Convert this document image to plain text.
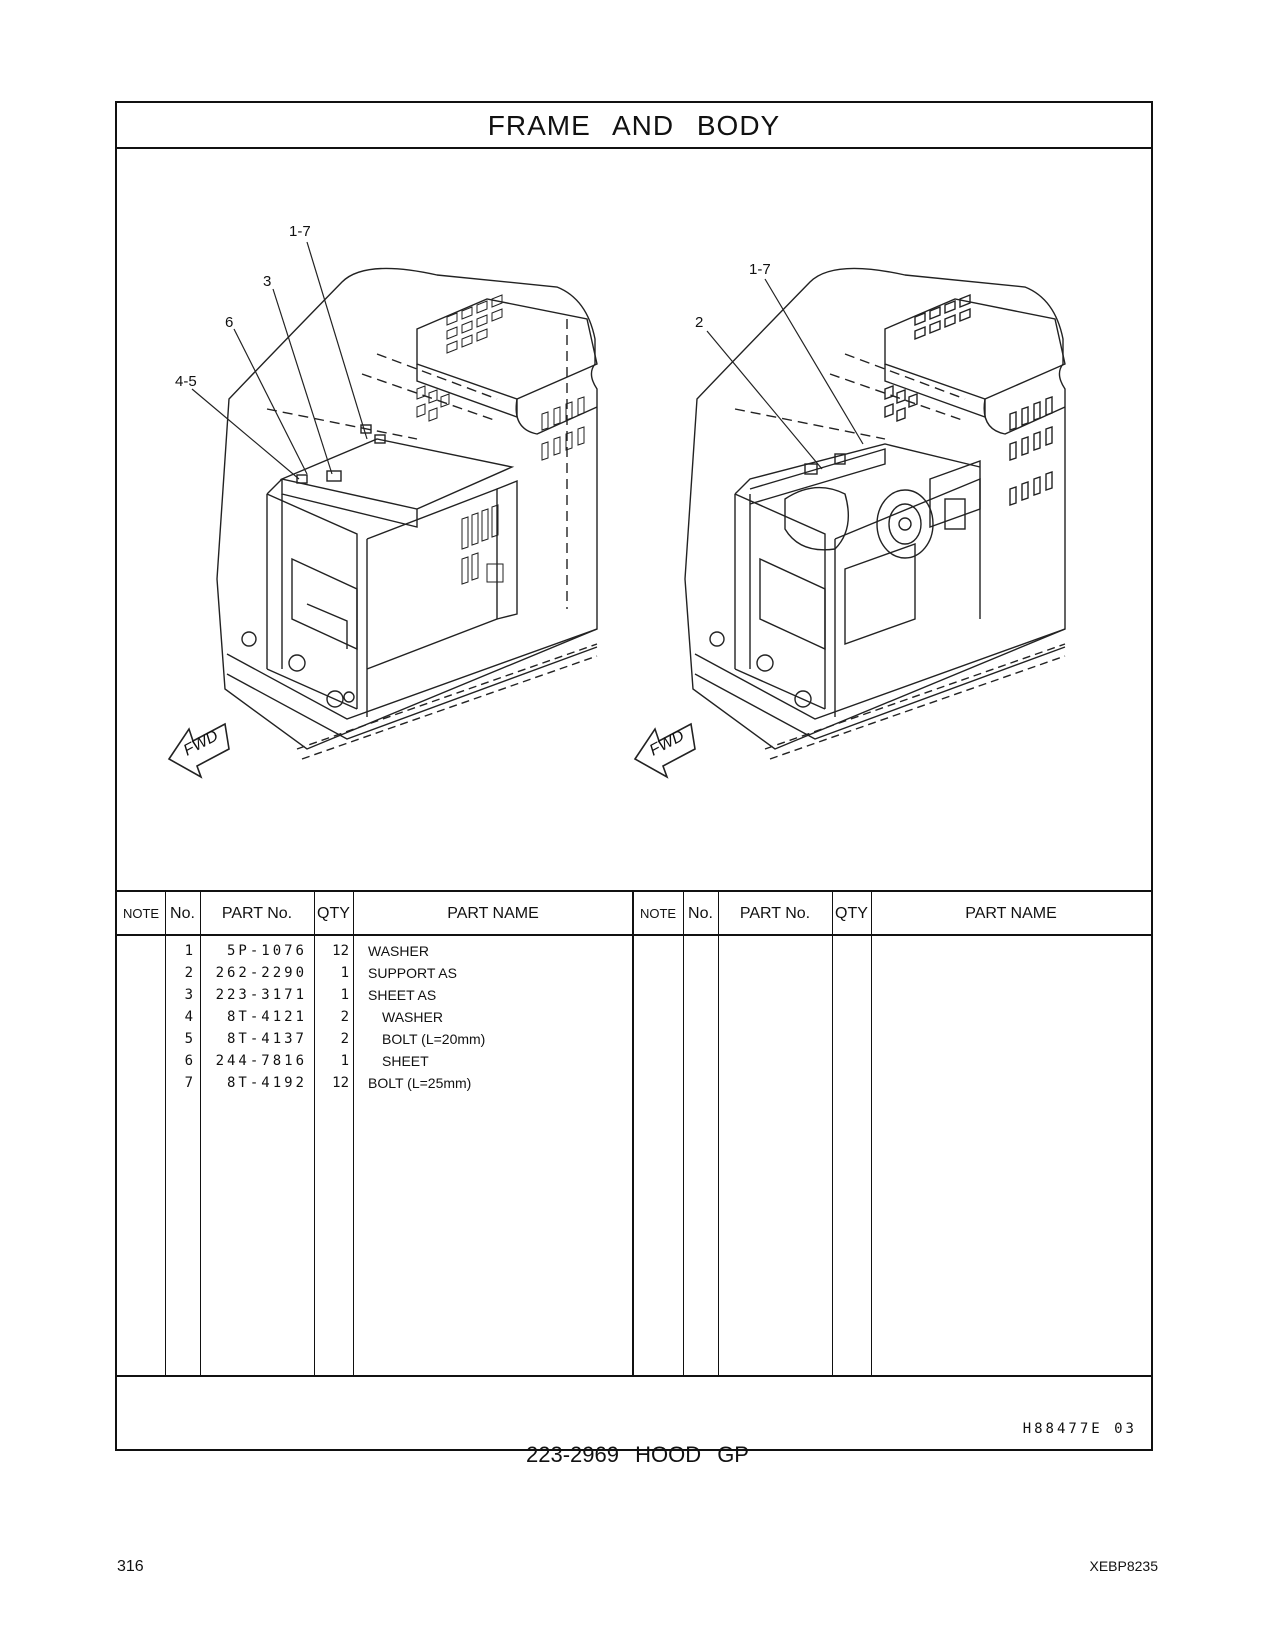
FRAME AND BODY
1-7
3
6
4-5
1-7
2
FWD	FWD
NOTE No.	PART No.	QTY	PART NAME	NOTE No.	PART No.	QTY	PART NAME
1	5P-1076	12 WASHER
2	262-2290	1 SUPPORT AS
3	223-3171	1 SHEET AS
4	8T-4121	2 WASHER
5	8T-4137	2 BOLT (L=20mm)
6	244-7816	1 SHEET
7	8T-4192	12 BOLT (L=25mm)
H88477E 03
223-2969 HOOD GP
316	XEBP8235
